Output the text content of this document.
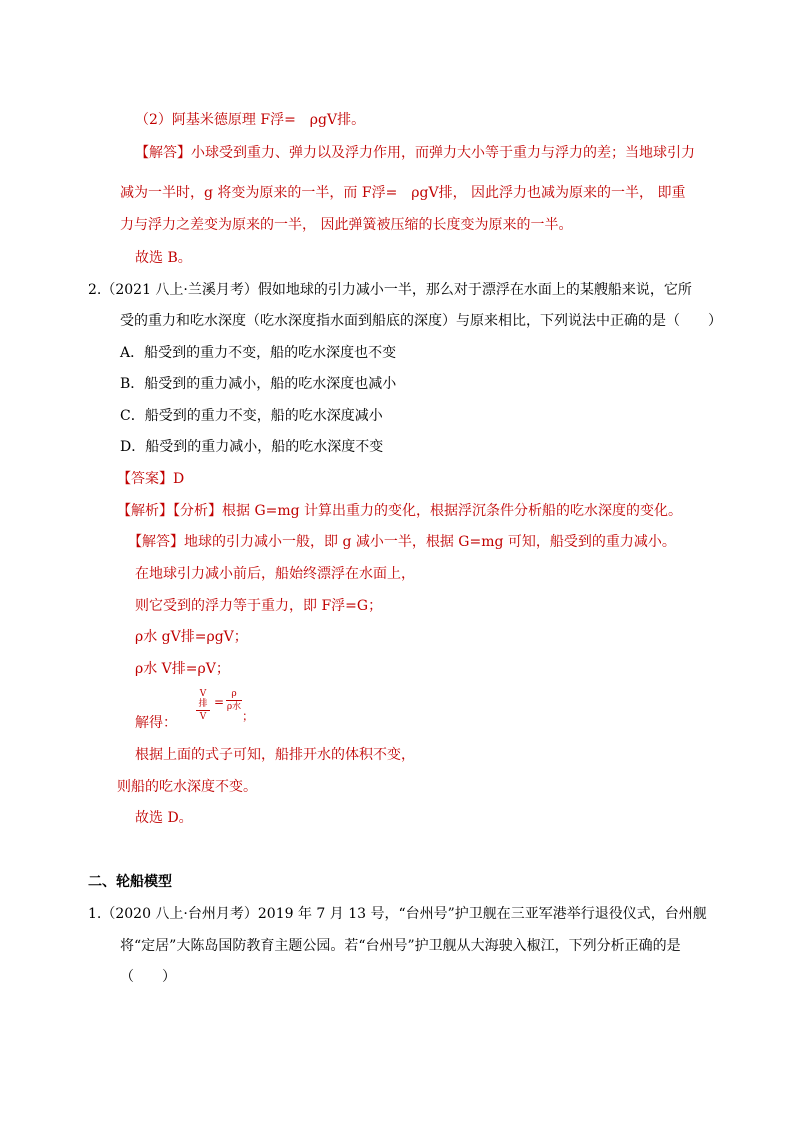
（2）阿基米德原理 F浮=　ρgV排。
【解答】小球受到重力、弹力以及浮力作用，而弹力大小等于重力与浮力的差；当地球引力
减为一半时，g 将变为原来的一半，而 F浮=　ρgV排， 因此浮力也减为原来的一半， 即重
力与浮力之差变为原来的一半， 因此弹簧被压缩的长度变为原来的一半。
故选 B。
2.（2021 八上·兰溪月考）假如地球的引力减小一半，那么对于漂浮在水面上的某艘船来说，它所
受的重力和吃水深度（吃水深度指水面到船底的深度）与原来相比，下列说法中正确的是（　　）
A．船受到的重力不变，船的吃水深度也不变
B．船受到的重力减小，船的吃水深度也减小
C．船受到的重力不变，船的吃水深度减小
D．船受到的重力减小，船的吃水深度不变
【答案】D
【解析】【分析】根据 G=mg 计算出重力的变化，根据浮沉条件分析船的吃水深度的变化。
【解答】地球的引力减小一般，即 g 减小一半，根据 G=mg 可知，船受到的重力减小。
在地球引力减小前后，船始终漂浮在水面上，
则它受到的浮力等于重力，即 F浮=G；
ρ水 gV排=ρgV；
ρ水 V排=ρV；
解得：
V排
V
=
ρ
ρ水
；
根据上面的式子可知，船排开水的体积不变，
则船的吃水深度不变。
故选 D。
二、轮船模型
1.（2020 八上·台州月考）2019 年 7 月 13 号，“台州号”护卫舰在三亚军港举行退役仪式，台州舰
将“定居”大陈岛国防教育主题公园。若“台州号”护卫舰从大海驶入椒江，下列分析正确的是
（　　）
